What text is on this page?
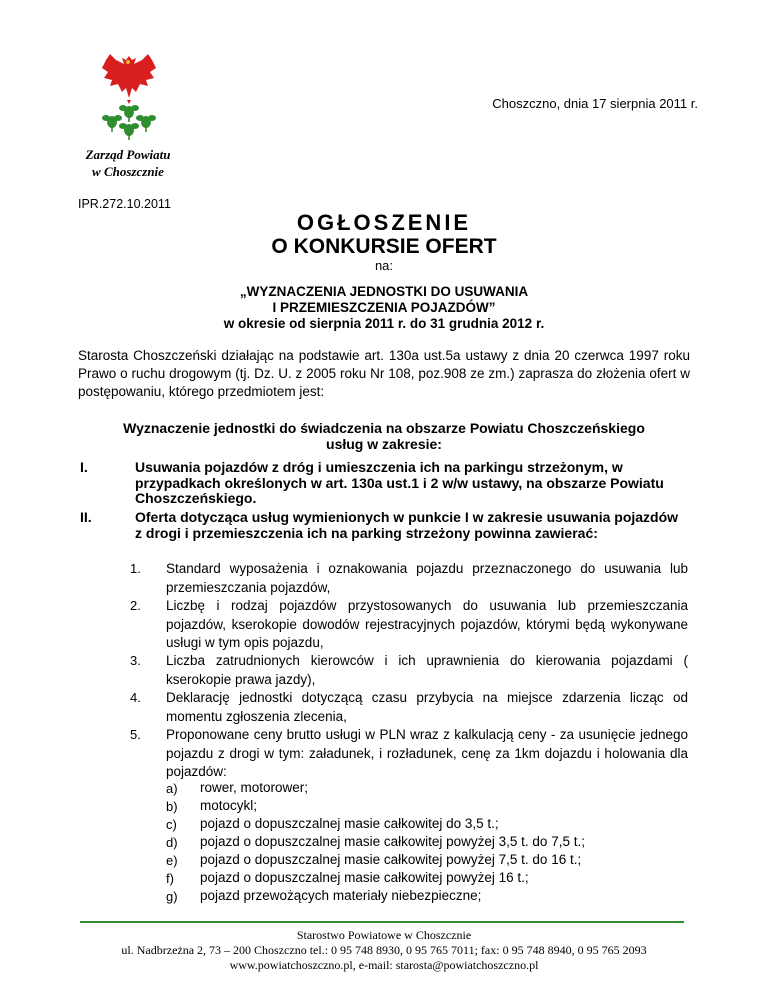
Choszczno, dnia 17 sierpnia 2011 r.
Zarząd Powiatu
w Choszcznie
IPR.272.10.2011
OGŁOSZENIE
O KONKURSIE OFERT
na:
„WYZNACZENIA JEDNOSTKI DO USUWANIA
I PRZEMIESZCZENIA POJAZDÓW”
w okresie od sierpnia 2011 r. do 31 grudnia 2012 r.
Starosta Choszczeński działając na podstawie art. 130a ust.5a ustawy z dnia 20 czerwca 1997 roku Prawo o ruchu drogowym (tj. Dz. U. z 2005 roku Nr 108, poz.908 ze zm.) zaprasza do złożenia ofert w postępowaniu, którego przedmiotem jest:
Wyznaczenie jednostki do świadczenia na obszarze Powiatu Choszczeńskiego
usług w zakresie:
I.	Usuwania pojazdów z dróg i umieszczenia ich na parkingu strzeżonym, w przypadkach określonych w art. 130a ust.1 i 2 w/w ustawy, na obszarze Powiatu Choszczeńskiego.
II.	Oferta dotycząca usług wymienionych w punkcie I w zakresie usuwania pojazdów z drogi i przemieszczenia ich na parking strzeżony powinna zawierać:
1. Standard wyposażenia i oznakowania pojazdu przeznaczonego do usuwania lub przemieszczania pojazdów,
2. Liczbę i rodzaj pojazdów przystosowanych do usuwania lub przemieszczania pojazdów, kserokopie dowodów rejestracyjnych pojazdów, którymi będą wykonywane usługi w tym opis pojazdu,
3. Liczba zatrudnionych kierowców i ich uprawnienia do kierowania pojazdami ( kserokopie prawa jazdy),
4. Deklarację jednostki dotyczącą czasu przybycia na miejsce zdarzenia licząc od momentu zgłoszenia zlecenia,
5. Proponowane ceny brutto usługi w PLN wraz z kalkulacją ceny - za usunięcie jednego pojazdu z drogi w tym: załadunek, i rozładunek, cenę za 1km dojazdu i holowania dla pojazdów:
a) rower, motorower;
b) motocykl;
c) pojazd o dopuszczalnej masie całkowitej do 3,5 t.;
d) pojazd o dopuszczalnej masie całkowitej powyżej 3,5 t. do 7,5 t.;
e) pojazd o dopuszczalnej masie całkowitej powyżej 7,5 t. do 16 t.;
f) pojazd o dopuszczalnej masie całkowitej powyżej 16 t.;
g) pojazd przewożących materiały niebezpieczne;
Starostwo Powiatowe w Choszcznie
ul. Nadbrzeżna 2, 73 – 200 Choszczno tel.: 0 95 748 8930, 0 95 765 7011; fax: 0 95 748 8940, 0 95 765 2093
www.powiatchoszczno.pl, e-mail: starosta@powiatchoszczno.pl
